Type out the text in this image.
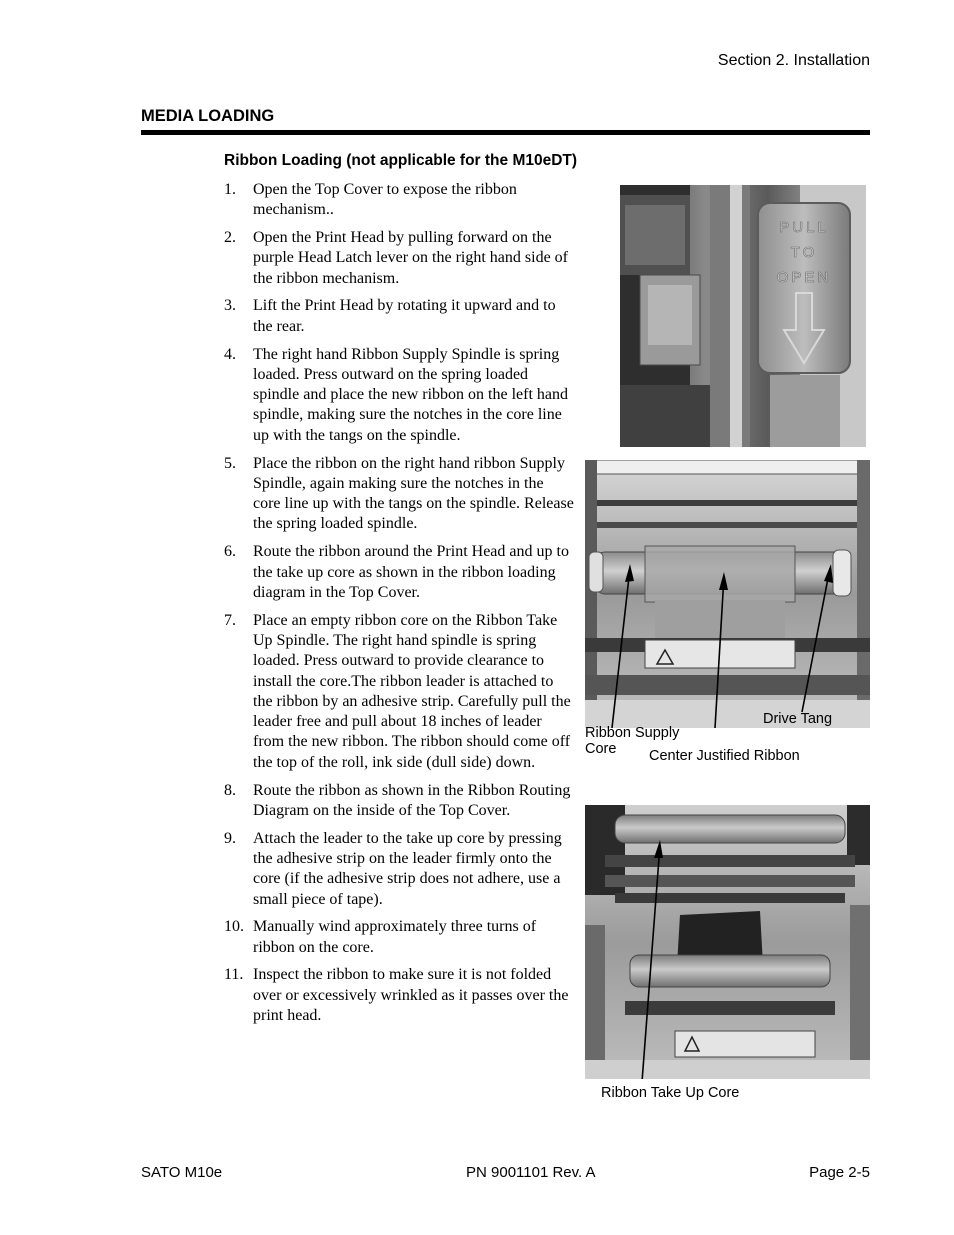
Section 2. Installation
MEDIA LOADING
Ribbon Loading (not applicable for the M10eDT)
1.	Open the Top Cover to expose the ribbon mechanism..
2.	Open the Print Head by pulling forward on the purple Head Latch lever on the right hand side of the ribbon mechanism.
3.	Lift the Print Head by rotating it upward and to the rear.
4.	The right hand Ribbon Supply Spindle is spring loaded. Press outward on the spring loaded spindle and place the new ribbon on the left hand spindle, making sure the notches in the core line up with the tangs on the spindle.
5.	Place the ribbon on the right hand ribbon Supply Spindle, again making sure the notches in the core line up with the tangs on the spindle. Release the spring loaded spindle.
6.	Route the ribbon around the Print Head and up to the take up core as shown in the ribbon loading diagram in the Top Cover.
7.	Place an empty ribbon core on the Ribbon Take Up Spindle. The right hand spindle is spring loaded. Press outward to provide clearance to install the core.The ribbon leader is attached to the ribbon by an adhesive strip. Carefully pull the leader free and pull about 18 inches of leader from the new ribbon. The ribbon should come off the top of the roll, ink side (dull side) down.
8.	Route the ribbon as shown in the Ribbon Routing Diagram on the inside of the Top Cover.
9.	Attach the leader to the take up core by pressing the adhesive strip on the leader firmly onto the core (if the adhesive strip does not adhere, use a small piece of tape).
10. Manually wind approximately three turns of ribbon on the core.
11. Inspect the ribbon to make sure it is not folded over or excessively wrinkled as it passes over the print head.
PULL
TO
OPEN
Drive Tang
Ribbon Supply
Core Center Justified Ribbon
Ribbon Take Up Core
SATO M10e	PN 9001101 Rev. A	Page 2-5
